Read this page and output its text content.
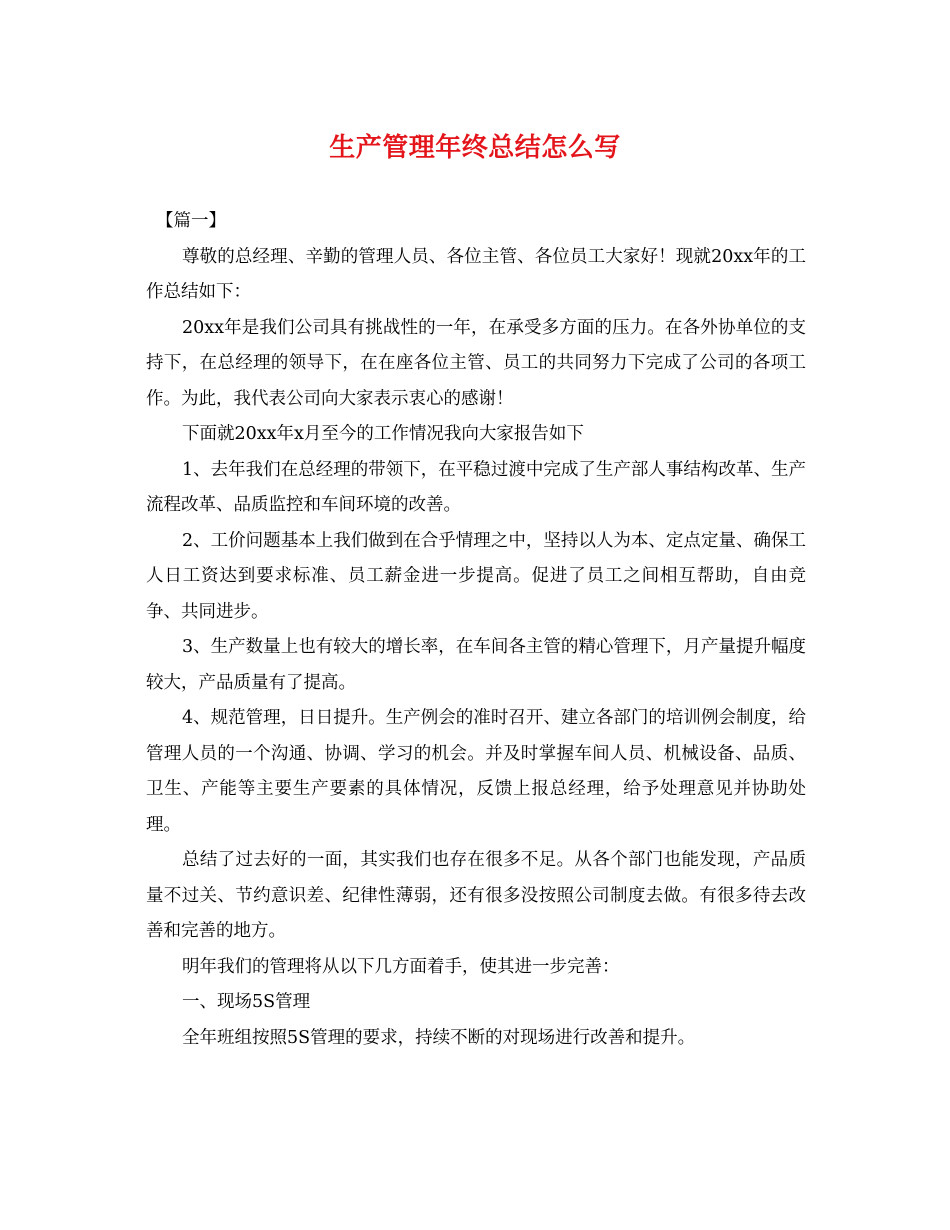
生产管理年终总结怎么写

【篇一】

尊敬的总经理、辛勤的管理人员、各位主管、各位员工大家好！现就20xx年的工作总结如下：

20xx年是我们公司具有挑战性的一年，在承受多方面的压力。在各外协单位的支持下，在总经理的领导下，在在座各位主管、员工的共同努力下完成了公司的各项工作。为此，我代表公司向大家表示衷心的感谢！

下面就20xx年x月至今的工作情况我向大家报告如下

1、去年我们在总经理的带领下，在平稳过渡中完成了生产部人事结构改革、生产流程改革、品质监控和车间环境的改善。

2、工价问题基本上我们做到在合乎情理之中，坚持以人为本、定点定量、确保工人日工资达到要求标准、员工薪金进一步提高。促进了员工之间相互帮助，自由竞争、共同进步。

3、生产数量上也有较大的增长率，在车间各主管的精心管理下，月产量提升幅度较大，产品质量有了提高。

4、规范管理，日日提升。生产例会的准时召开、建立各部门的培训例会制度，给管理人员的一个沟通、协调、学习的机会。并及时掌握车间人员、机械设备、品质、卫生、产能等主要生产要素的具体情况，反馈上报总经理，给予处理意见并协助处理。

总结了过去好的一面，其实我们也存在很多不足。从各个部门也能发现，产品质量不过关、节约意识差、纪律性薄弱，还有很多没按照公司制度去做。有很多待去改善和完善的地方。

明年我们的管理将从以下几方面着手，使其进一步完善：

一、现场5S管理

全年班组按照5S管理的要求，持续不断的对现场进行改善和提升。
